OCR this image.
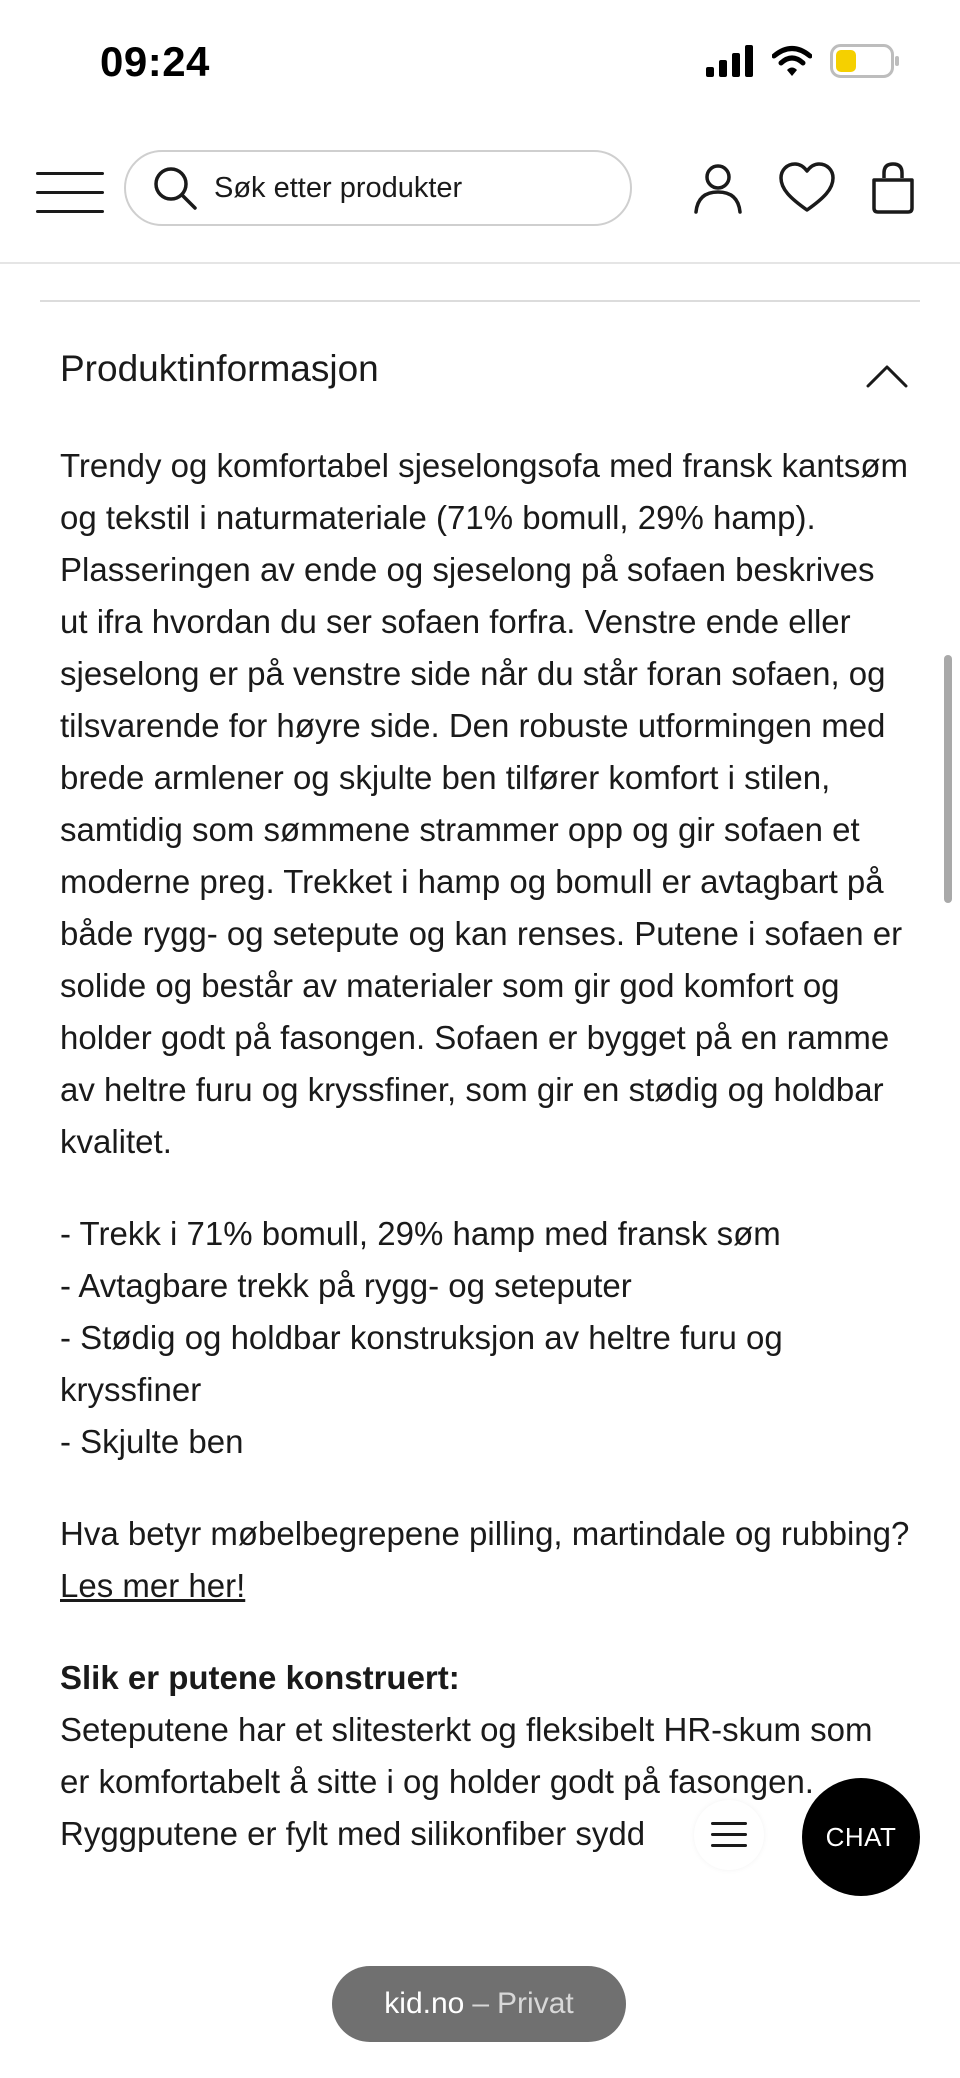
09:24
Søk etter produkter
Produktinformasjon

Trendy og komfortabel sjeselongsofa med fransk kantsøm og tekstil i naturmateriale (71% bomull, 29% hamp). Plasseringen av ende og sjeselong på sofaen beskrives ut ifra hvordan du ser sofaen forfra. Venstre ende eller sjeselong er på venstre side når du står foran sofaen, og tilsvarende for høyre side. Den robuste utformingen med brede armlener og skjulte ben tilfører komfort i stilen, samtidig som sømmene strammer opp og gir sofaen et moderne preg. Trekket i hamp og bomull er avtagbart på både rygg- og setepute og kan renses. Putene i sofaen er solide og består av materialer som gir god komfort og holder godt på fasongen. Sofaen er bygget på en ramme av heltre furu og kryssfiner, som gir en stødig og holdbar kvalitet.

- Trekk i 71% bomull, 29% hamp med fransk søm

- Avtagbare trekk på rygg- og seteputer

- Stødig og holdbar konstruksjon av heltre furu og kryssfiner

- Skjulte ben

Hva betyr møbelbegrepene pilling, martindale og rubbing? Les mer her!

Slik er putene konstruert:

Seteputene har et slitesterkt og fleksibelt HR-skum som er komfortabelt å sitte i og holder godt på fasongen. Ryggputene er fylt med silikonfiber sydd	CHAT
kid.no – Privat
